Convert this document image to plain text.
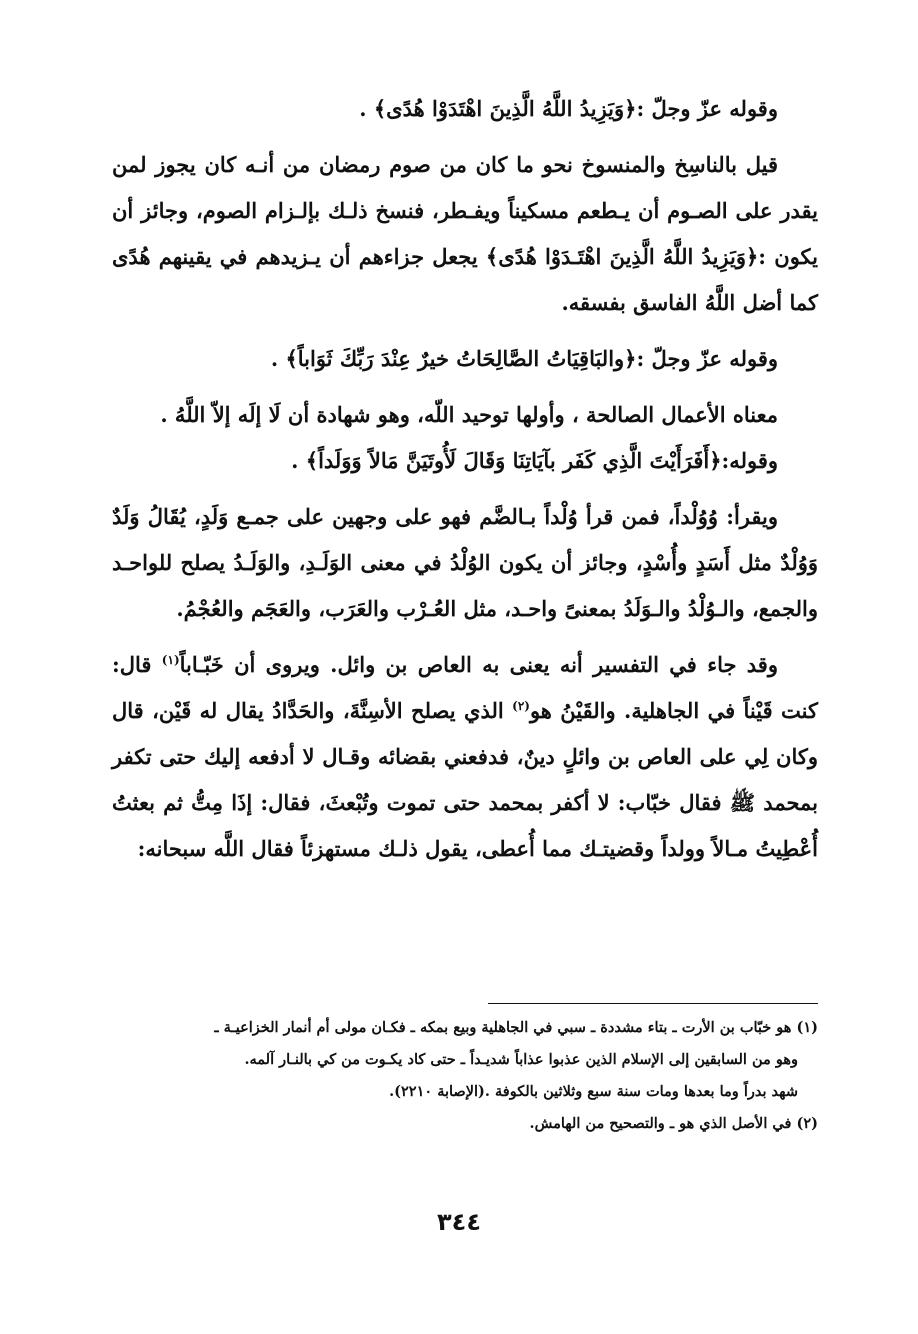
وقوله عزّ وجلّ :﴿وَيَزِيدُ اللَّهُ الَّذِينَ اهْتَدَوْا هُدًى﴾ .

قيل بالناسِخ والمنسوخ نحو ما كان من صوم رمضان من أنـه كان يجوز لمن يقدر على الصـوم أن يـطعم مسكيناً ويفـطر، فنسخ ذلـك بإلـزام الصوم، وجائز أن يكون :﴿وَيَزِيدُ اللَّهُ الَّذِينَ اهْتَـدَوْا هُدًى﴾ يجعل جزاءهم أن يـزيدهم في يقينهم هُدًى كما أضل اللَّهُ الفاسق بفسقه.

وقوله عزّ وجلّ :﴿والبَاقِيَاتُ الصَّالِحَاتُ خيرٌ عِنْدَ رَبِّكَ ثَوَاباً﴾ .

معناه الأعمال الصالحة ، وأولها توحيد اللّه، وهو شهادة أن لَا إلَه إلاّ اللَّهُ .

وقوله:﴿أَفَرَأَيْتَ الَّذِي كَفَر بآيَاتِنَا وَقَالَ لَأُوتَيَنَّ مَالاً وَوَلَداً﴾ .

ويقرأ: وُوُلْداً، فمن قرأ وُلْداً بـالضَّم فهو على وجهين على جمـع وَلَدٍ، يُقَالُ وَلَدٌ وَوُلْدٌ مثل أَسَدٍ وأُسْدٍ، وجائز أن يكون الوُلْدُ في معنى الوَلَـدِ، والوَلَـدُ يصلح للواحـد والجمع، والـوُلْدُ والـوَلَدُ بمعنىً واحـد، مثل العُـرْب والعَرَب، والعَجَم والعُجْمُ.

وقد جاء في التفسير أنه يعنى به العاص بن وائل. ويروى أن خَبّـاباً$^{(١)}$ قال: كنت قَيْناً في الجاهلية. والقَيْنُ هو$^{(٢)}$ الذي يصلح الأسِنَّةَ، والحَدَّادُ يقال له قَيْن، قال وكان لِي على العاص بن وائلٍ دينٌ، فدفعني بقضائه وقـال لا أدفعه إليك حتى تكفر بمحمد ﷺ فقال خبّاب: لا أكفر بمحمد حتى تموت وتُبْعثَ، فقال: إذَا مِتُّ ثم بعثتُ أُعْطِيتُ مـالاً وولداً وقضيتـك مما أُعطى، يقول ذلـك مستهزئاً فقال اللَّه سبحانه:

(١) هو خبّاب بن الأرت ـ بتاء مشددة ـ سبي في الجاهلية وبيع بمكه ـ فكـان مولى أم أنمار الخزاعيـة ـ

وهو من السابقين إلى الإسلام الذين عذبوا عذاباً شديـداً ـ حتى كاد يكـوت من كي بالنـار آلمه.

شهد بدراً وما بعدها ومات سنة سبع وثلاثين بالكوفة .(الإصابة ٢٢١٠).

(٢) في الأصل الذي هو ـ والتصحيح من الهامش.

٣٤٤
